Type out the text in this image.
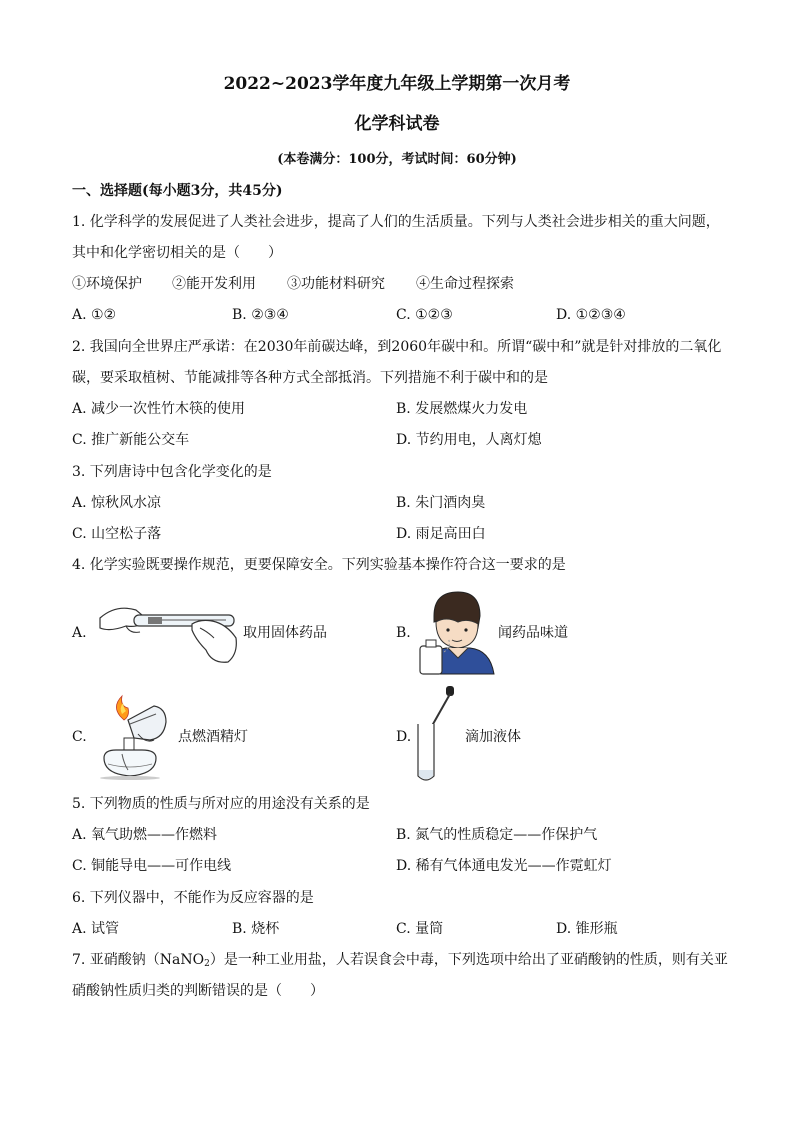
2022~2023学年度九年级上学期第一次月考
化学科试卷
(本卷满分：100分，考试时间：60分钟)
一、选择题(每小题3分，共45分)
1. 化学科学的发展促进了人类社会进步，提高了人们的生活质量。下列与人类社会进步相关的重大问题，
其中和化学密切相关的是（　　）
①环境保护 ②能开发利用 ③功能材料研究 ④生命过程探索
A. ①②	B. ②③④	C. ①②③	D. ①②③④
2. 我国向全世界庄严承诺：在2030年前碳达峰，到2060年碳中和。所谓“碳中和”就是针对排放的二氧化
碳，要采取植树、节能减排等各种方式全部抵消。下列措施不利于碳中和的是
A. 减少一次性竹木筷的使用	B. 发展燃煤火力发电
C. 推广新能公交车	D. 节约用电，人离灯熄
3. 下列唐诗中包含化学变化的是
A. 惊秋风水凉	B. 朱门酒肉臭
C. 山空松子落	D. 雨足高田白
4. 化学实验既要操作规范，更要保障安全。下列实验基本操作符合这一要求的是
A.	取用固体药品	B.	闻药品味道
C.	点燃酒精灯	D.	滴加液体
5. 下列物质的性质与所对应的用途没有关系的是
A. 氧气助燃——作燃料	B. 氮气的性质稳定——作保护气
C. 铜能导电——可作电线	D. 稀有气体通电发光——作霓虹灯
6. 下列仪器中，不能作为反应容器的是
A. 试管	B. 烧杯	C. 量筒	D. 锥形瓶
7. 亚硝酸钠（NaNO$_2$）是一种工业用盐，人若误食会中毒，下列选项中给出了亚硝酸钠的性质，则有关亚
硝酸钠性质归类的判断错误的是（　　）
